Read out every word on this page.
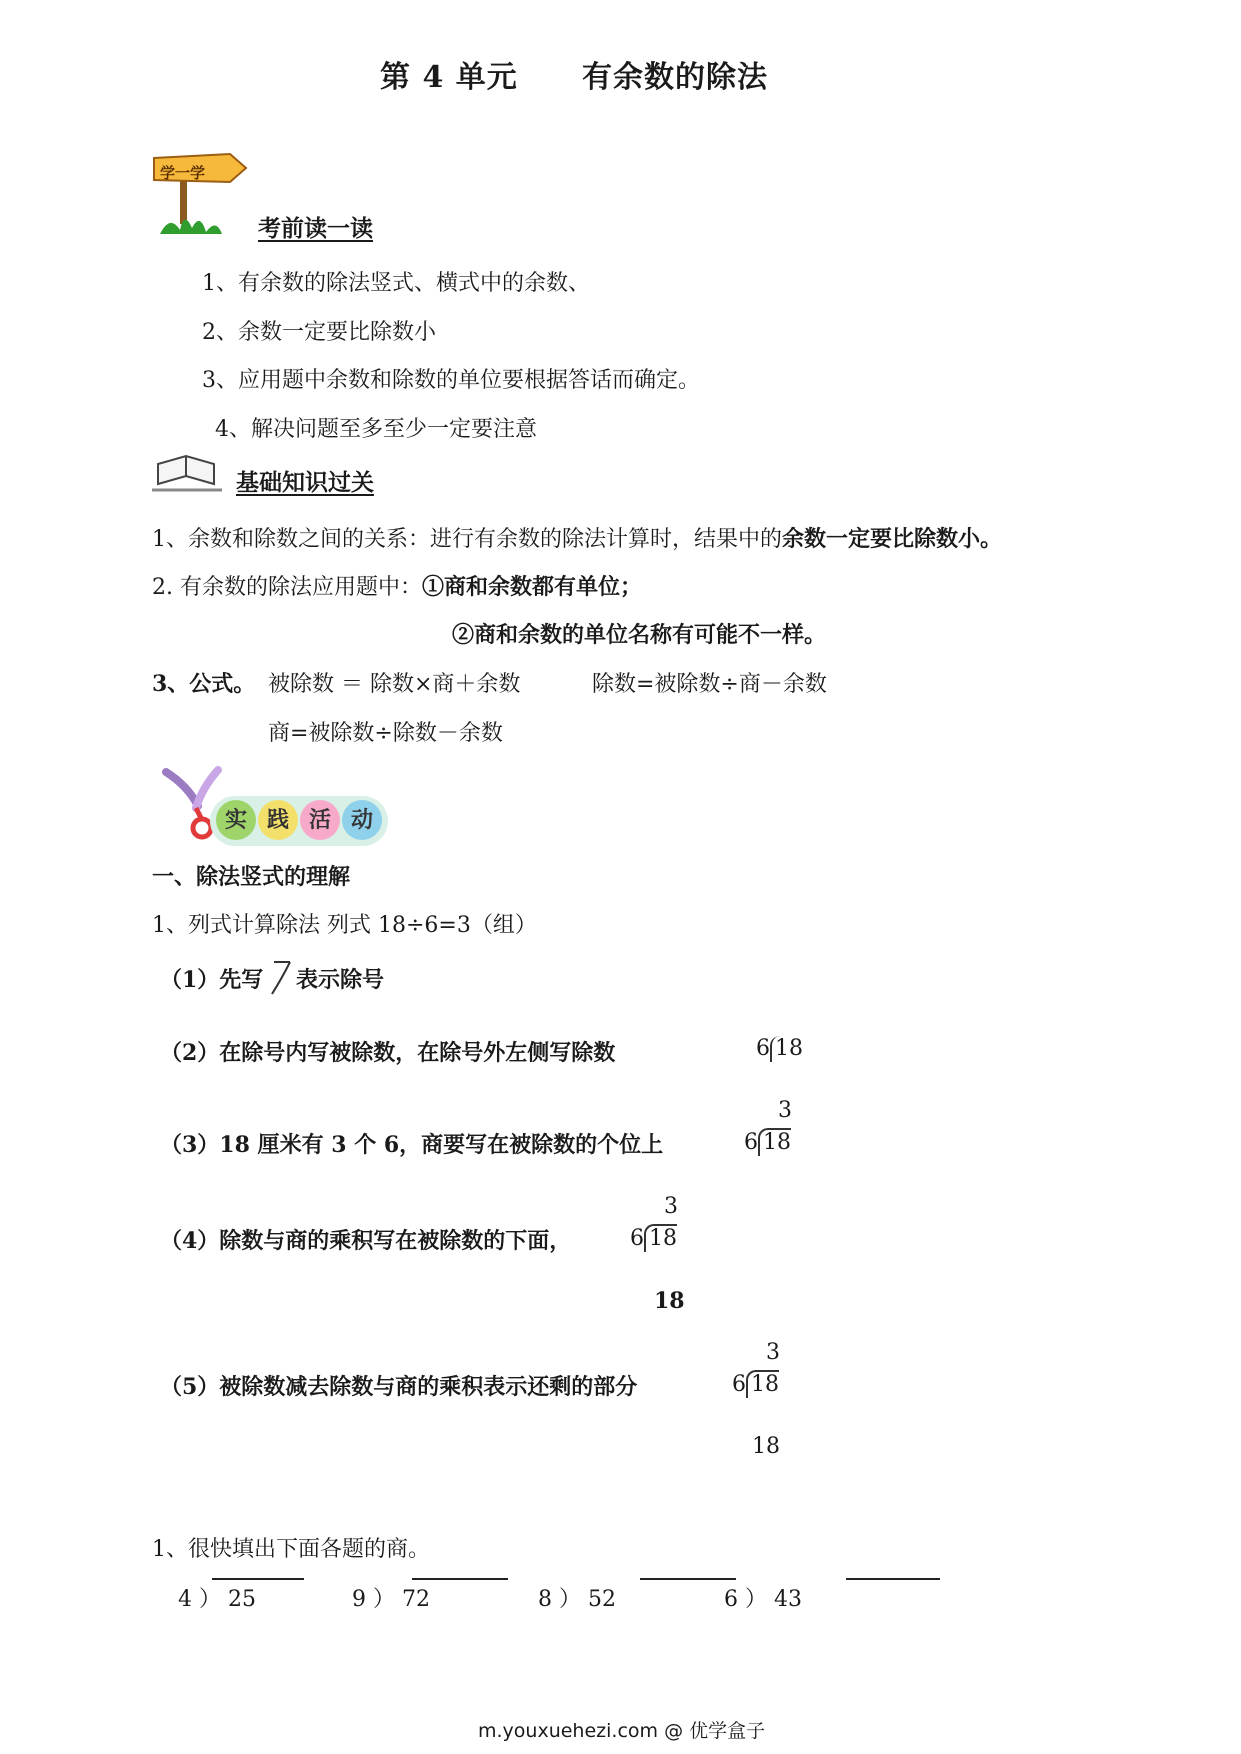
第 4 单元 有余数的除法
学一学
考前读一读
1、有余数的除法竖式、横式中的余数、
2、余数一定要比除数小
3、应用题中余数和除数的单位要根据答话而确定。
4、解决问题至多至少一定要注意
基础知识过关
1、余数和除数之间的关系：进行有余数的除法计算时，结果中的余数一定要比除数小。
2. 有余数的除法应用题中：①商和余数都有单位；
②商和余数的单位名称有可能不一样。
3、公式。 被除数 ＝ 除数×商＋余数	除数=被除数÷商－余数
商=被除数÷除数－余数
实 践 活 动
一、除法竖式的理解
1、列式计算除法 列式 18÷6=3（组）
（1）先写 表示除号
（2）在除号内写被除数，在除号外左侧写除数	6 18
（3）18 厘米有 3 个 6，商要写在被除数的个位上
3
6 18
（4）除数与商的乘积写在被除数的下面，
3
6 18
18
（5）被除数减去除数与商的乘积表示还剩的部分
3
6 18
18
1、很快填出下面各题的商。
4 ） 25	9 ） 72	8 ） 52	6 ） 43
m.youxuehezi.com @ 优学盒子
